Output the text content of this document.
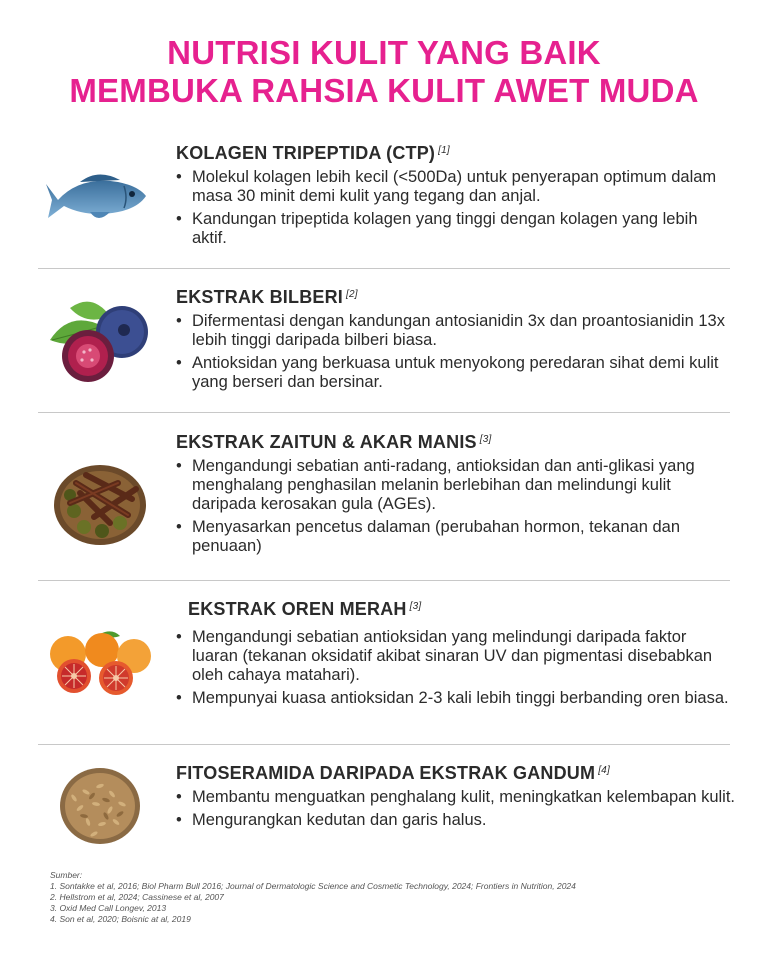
NUTRISI KULIT YANG BAIK
MEMBUKA RAHSIA KULIT AWET MUDA
KOLAGEN TRIPEPTIDA (CTP) [1]
• Molekul kolagen lebih kecil (<500Da) untuk penyerapan optimum dalam masa 30 minit demi kulit yang tegang dan anjal.
• Kandungan tripeptida kolagen yang tinggi dengan kolagen yang lebih aktif.
EKSTRAK BILBERI [2]
• Difermentasi dengan kandungan antosianidin 3x dan proantosianidin 13x lebih tinggi daripada bilberi biasa.
• Antioksidan yang berkuasa untuk menyokong peredaran sihat demi kulit yang berseri dan bersinar.
EKSTRAK ZAITUN & AKAR MANIS [3]
• Mengandungi sebatian anti-radang, antioksidan dan anti-glikasi yang menghalang penghasilan melanin berlebihan dan melindungi kulit daripada kerosakan gula (AGEs).
• Menyasarkan pencetus dalaman (perubahan hormon, tekanan dan penuaan)
EKSTRAK OREN MERAH [3]
• Mengandungi sebatian antioksidan yang melindungi daripada faktor luaran (tekanan oksidatif akibat sinaran UV dan pigmentasi disebabkan oleh cahaya matahari).
• Mempunyai kuasa antioksidan 2-3 kali lebih tinggi berbanding oren biasa.
FITOSERAMIDA DARIPADA EKSTRAK GANDUM [4]
• Membantu menguatkan penghalang kulit, meningkatkan kelembapan kulit.
• Mengurangkan kedutan dan garis halus.
Sumber:
1. Sontakke et al, 2016; Biol Pharm Bull 2016; Journal of Dermatologic Science and Cosmetic Technology, 2024; Frontiers in Nutrition, 2024
2. Hellstrom et al, 2024; Cassinese et al, 2007
3. Oxid Med Call Longev, 2013
4. Son et al, 2020; Boisnic at al, 2019
